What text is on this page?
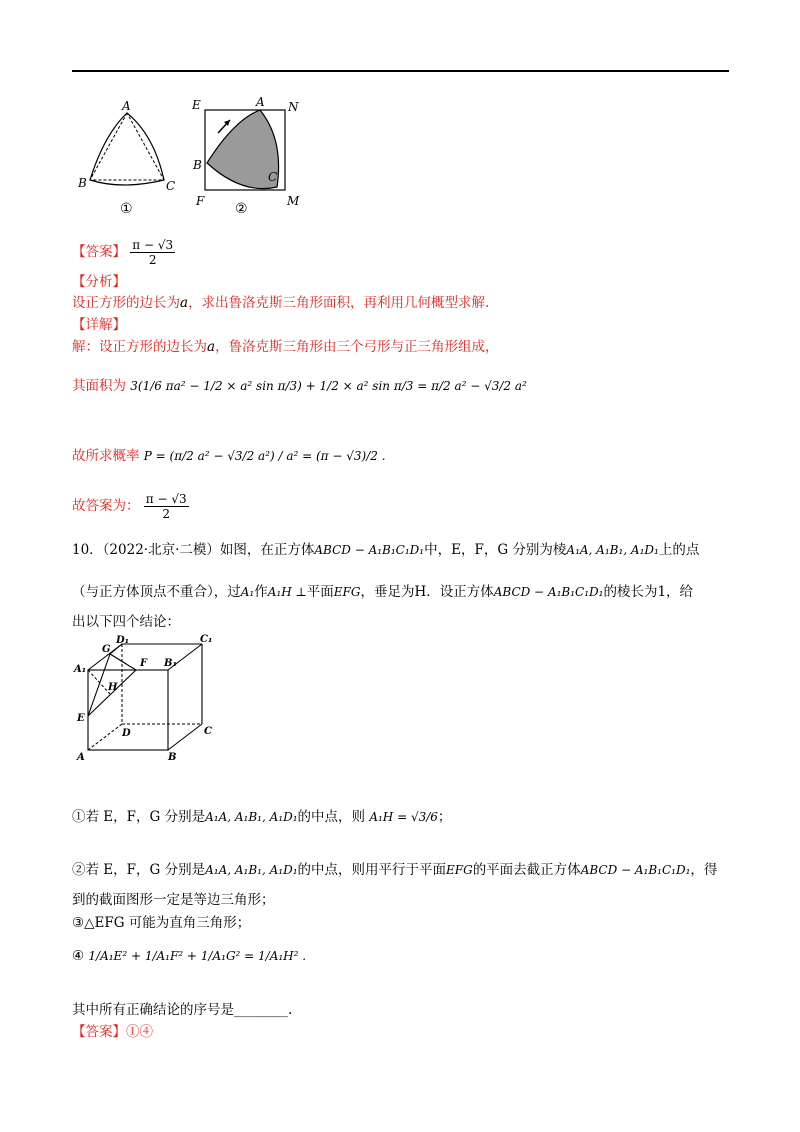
A
B	C
①
E	A N
B
C
F	M
②
【答案】 $\frac{\pi - √3}{2}$
【分析】
设正方形的边长为a，求出鲁洛克斯三角形面积，再利用几何概型求解.
【详解】
解：设正方形的边长为a，鲁洛克斯三角形由三个弓形与正三角形组成，
其面积为 3(1/6 πa² − 1/2 × a² sin π/3) + 1/2 × a² sin π/3 = π/2 a² − √3/2 a²
故所求概率 P = (π/2 a² − √3/2 a²) / a² = (π − √3)/2 .
故答案为： $\frac{\pi - √3}{2}$
10．（2022·北京·二模）如图，在正方体ABCD − A₁B₁C₁D₁中，E，F，G 分别为棱A₁A, A₁B₁, A₁D₁上的点
（与正方体顶点不重合），过A₁作A₁H ⊥平面EFG，垂足为H．设正方体ABCD − A₁B₁C₁D₁的棱长为1，给
出以下四个结论：
D₁	C₁
A₁
G
F B₁
H
E
D	C
A	B
①若 E，F，G 分别是A₁A, A₁B₁, A₁D₁的中点，则 A₁H = √3/6；
②若 E，F，G 分别是A₁A, A₁B₁, A₁D₁的中点，则用平行于平面EFG的平面去截正方体ABCD − A₁B₁C₁D₁，得
到的截面图形一定是等边三角形；
③△EFG 可能为直角三角形；
④ 1/A₁E² + 1/A₁F² + 1/A₁G² = 1/A₁H² .
其中所有正确结论的序号是________.
【答案】①④
